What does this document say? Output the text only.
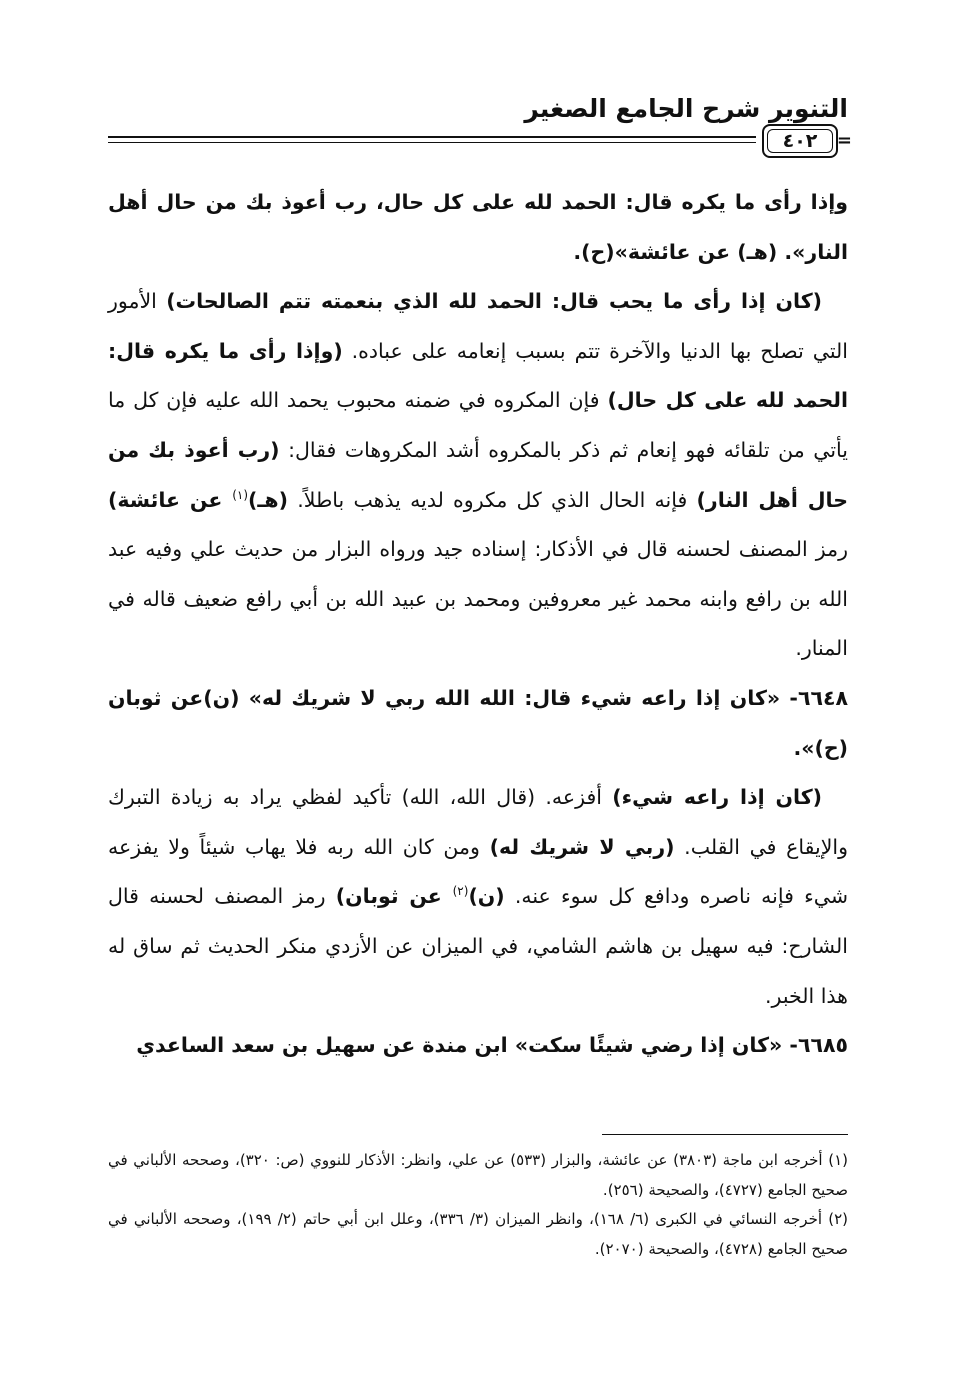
التنوير شرح الجامع الصغير
٤٠٢ =

وإذا رأى ما يكره قال: الحمد لله على كل حال، رب أعوذ بك من حال أهل النار». (هـ) عن عائشة»(ح).

(كان إذا رأى ما يحب قال: الحمد لله الذي بنعمته تتم الصالحات) الأمور التي تصلح بها الدنيا والآخرة تتم بسبب إنعامه على عباده. (وإذا رأى ما يكره قال: الحمد لله على كل حال) فإن المكروه في ضمنه محبوب يحمد الله عليه فإن كل ما يأتي من تلقائه فهو إنعام ثم ذكر بالمكروه أشد المكروهات فقال: (رب أعوذ بك من حال أهل النار) فإنه الحال الذي كل مكروه لديه يذهب باطلاً. (هـ)$^{(١)}$ عن عائشة) رمز المصنف لحسنه قال في الأذكار: إسناده جيد ورواه البزار من حديث علي وفيه عبد الله بن رافع وابنه محمد غير معروفين ومحمد بن عبيد الله بن أبي رافع ضعيف قاله في المنار.

٦٦٤٨- «كان إذا راعه شيء قال: الله الله ربي لا شريك له» (ن)عن ثوبان (ح)».

(كان إذا راعه شيء) أفزعه. (قال الله، الله) تأكيد لفظي يراد به زيادة التبرك والإيقاع في القلب. (ربي لا شريك له) ومن كان الله ربه فلا يهاب شيئاً ولا يفزعه شيء فإنه ناصره ودافع كل سوء عنه. (ن)$^{(٢)}$ عن ثوبان) رمز المصنف لحسنه قال الشارح: فيه سهيل بن هاشم الشامي، في الميزان عن الأزدي منكر الحديث ثم ساق له هذا الخبر.

٦٦٨٥- «كان إذا رضي شيئًا سكت» ابن مندة عن سهيل بن سعد الساعدي

(١) أخرجه ابن ماجة (٣٨٠٣) عن عائشة، والبزار (٥٣٣) عن علي، وانظر: الأذكار للنووي (ص: ٣٢٠)، وصححه الألباني في صحيح الجامع (٤٧٢٧)، والصحيحة (٢٥٦).

(٢) أخرجه النسائي في الكبرى (٦/ ١٦٨)، وانظر الميزان (٣/ ٣٣٦)، وعلل ابن أبي حاتم (٢/ ١٩٩)، وصححه الألباني في صحيح الجامع (٤٧٢٨)، والصحيحة (٢٠٧٠).
